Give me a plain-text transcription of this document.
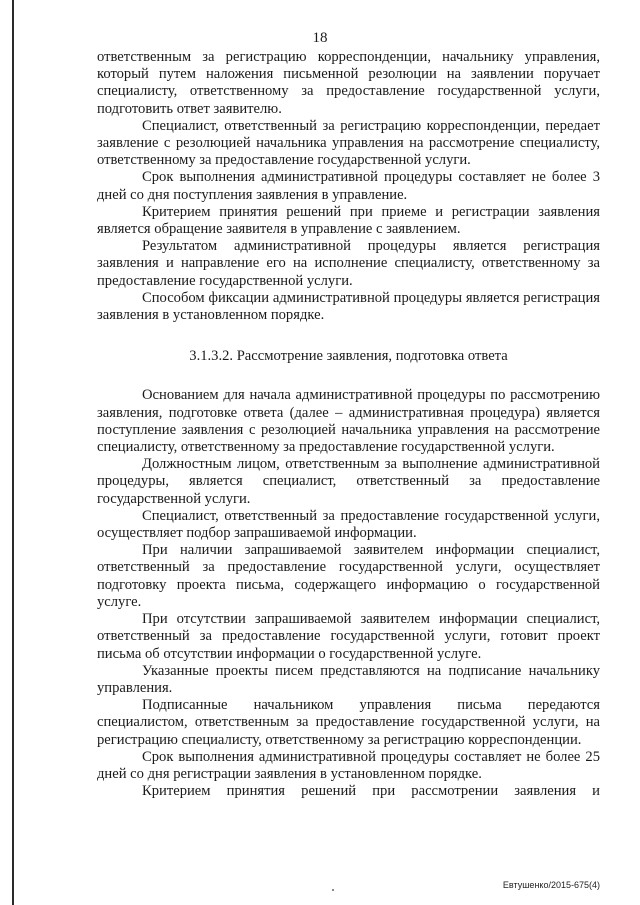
18

ответственным за регистрацию корреспонденции, начальнику управления, который путем наложения письменной резолюции на заявлении поручает специалисту, ответственному за предоставление государственной услуги, подготовить ответ заявителю.

Специалист, ответственный за регистрацию корреспонденции, передает заявление с резолюцией начальника управления на рассмотрение специалисту, ответственному за предоставление государственной услуги.

Срок выполнения административной процедуры составляет не более 3 дней со дня поступления заявления в управление.

Критерием принятия решений при приеме и регистрации заявления является обращение заявителя в управление с заявлением.

Результатом административной процедуры является регистрация заявления и направление его на исполнение специалисту, ответственному за предоставление государственной услуги.

Способом фиксации административной процедуры является регистрация заявления в установленном порядке.

3.1.3.2. Рассмотрение заявления, подготовка ответа

Основанием для начала административной процедуры по рассмотрению заявления, подготовке ответа (далее – административная процедура) является поступление заявления с резолюцией начальника управления на рассмотрение специалисту, ответственному за предоставление государственной услуги.

Должностным лицом, ответственным за выполнение административной процедуры, является специалист, ответственный за предоставление государственной услуги.

Специалист, ответственный за предоставление государственной услуги, осуществляет подбор запрашиваемой информации.

При наличии запрашиваемой заявителем информации специалист, ответственный за предоставление государственной услуги, осуществляет подготовку проекта письма, содержащего информацию о государственной услуге.

При отсутствии запрашиваемой заявителем информации специалист, ответственный за предоставление государственной услуги, готовит проект письма об отсутствии информации о государственной услуге.

Указанные проекты писем представляются на подписание начальнику управления.

Подписанные начальником управления письма передаются специалистом, ответственным за предоставление государственной услуги, на регистрацию специалисту, ответственному за регистрацию корреспонденции.

Срок выполнения административной процедуры составляет не более 25 дней со дня регистрации заявления в установленном порядке.

Критерием принятия решений при рассмотрении заявления и

Евтушенко/2015-675(4)
